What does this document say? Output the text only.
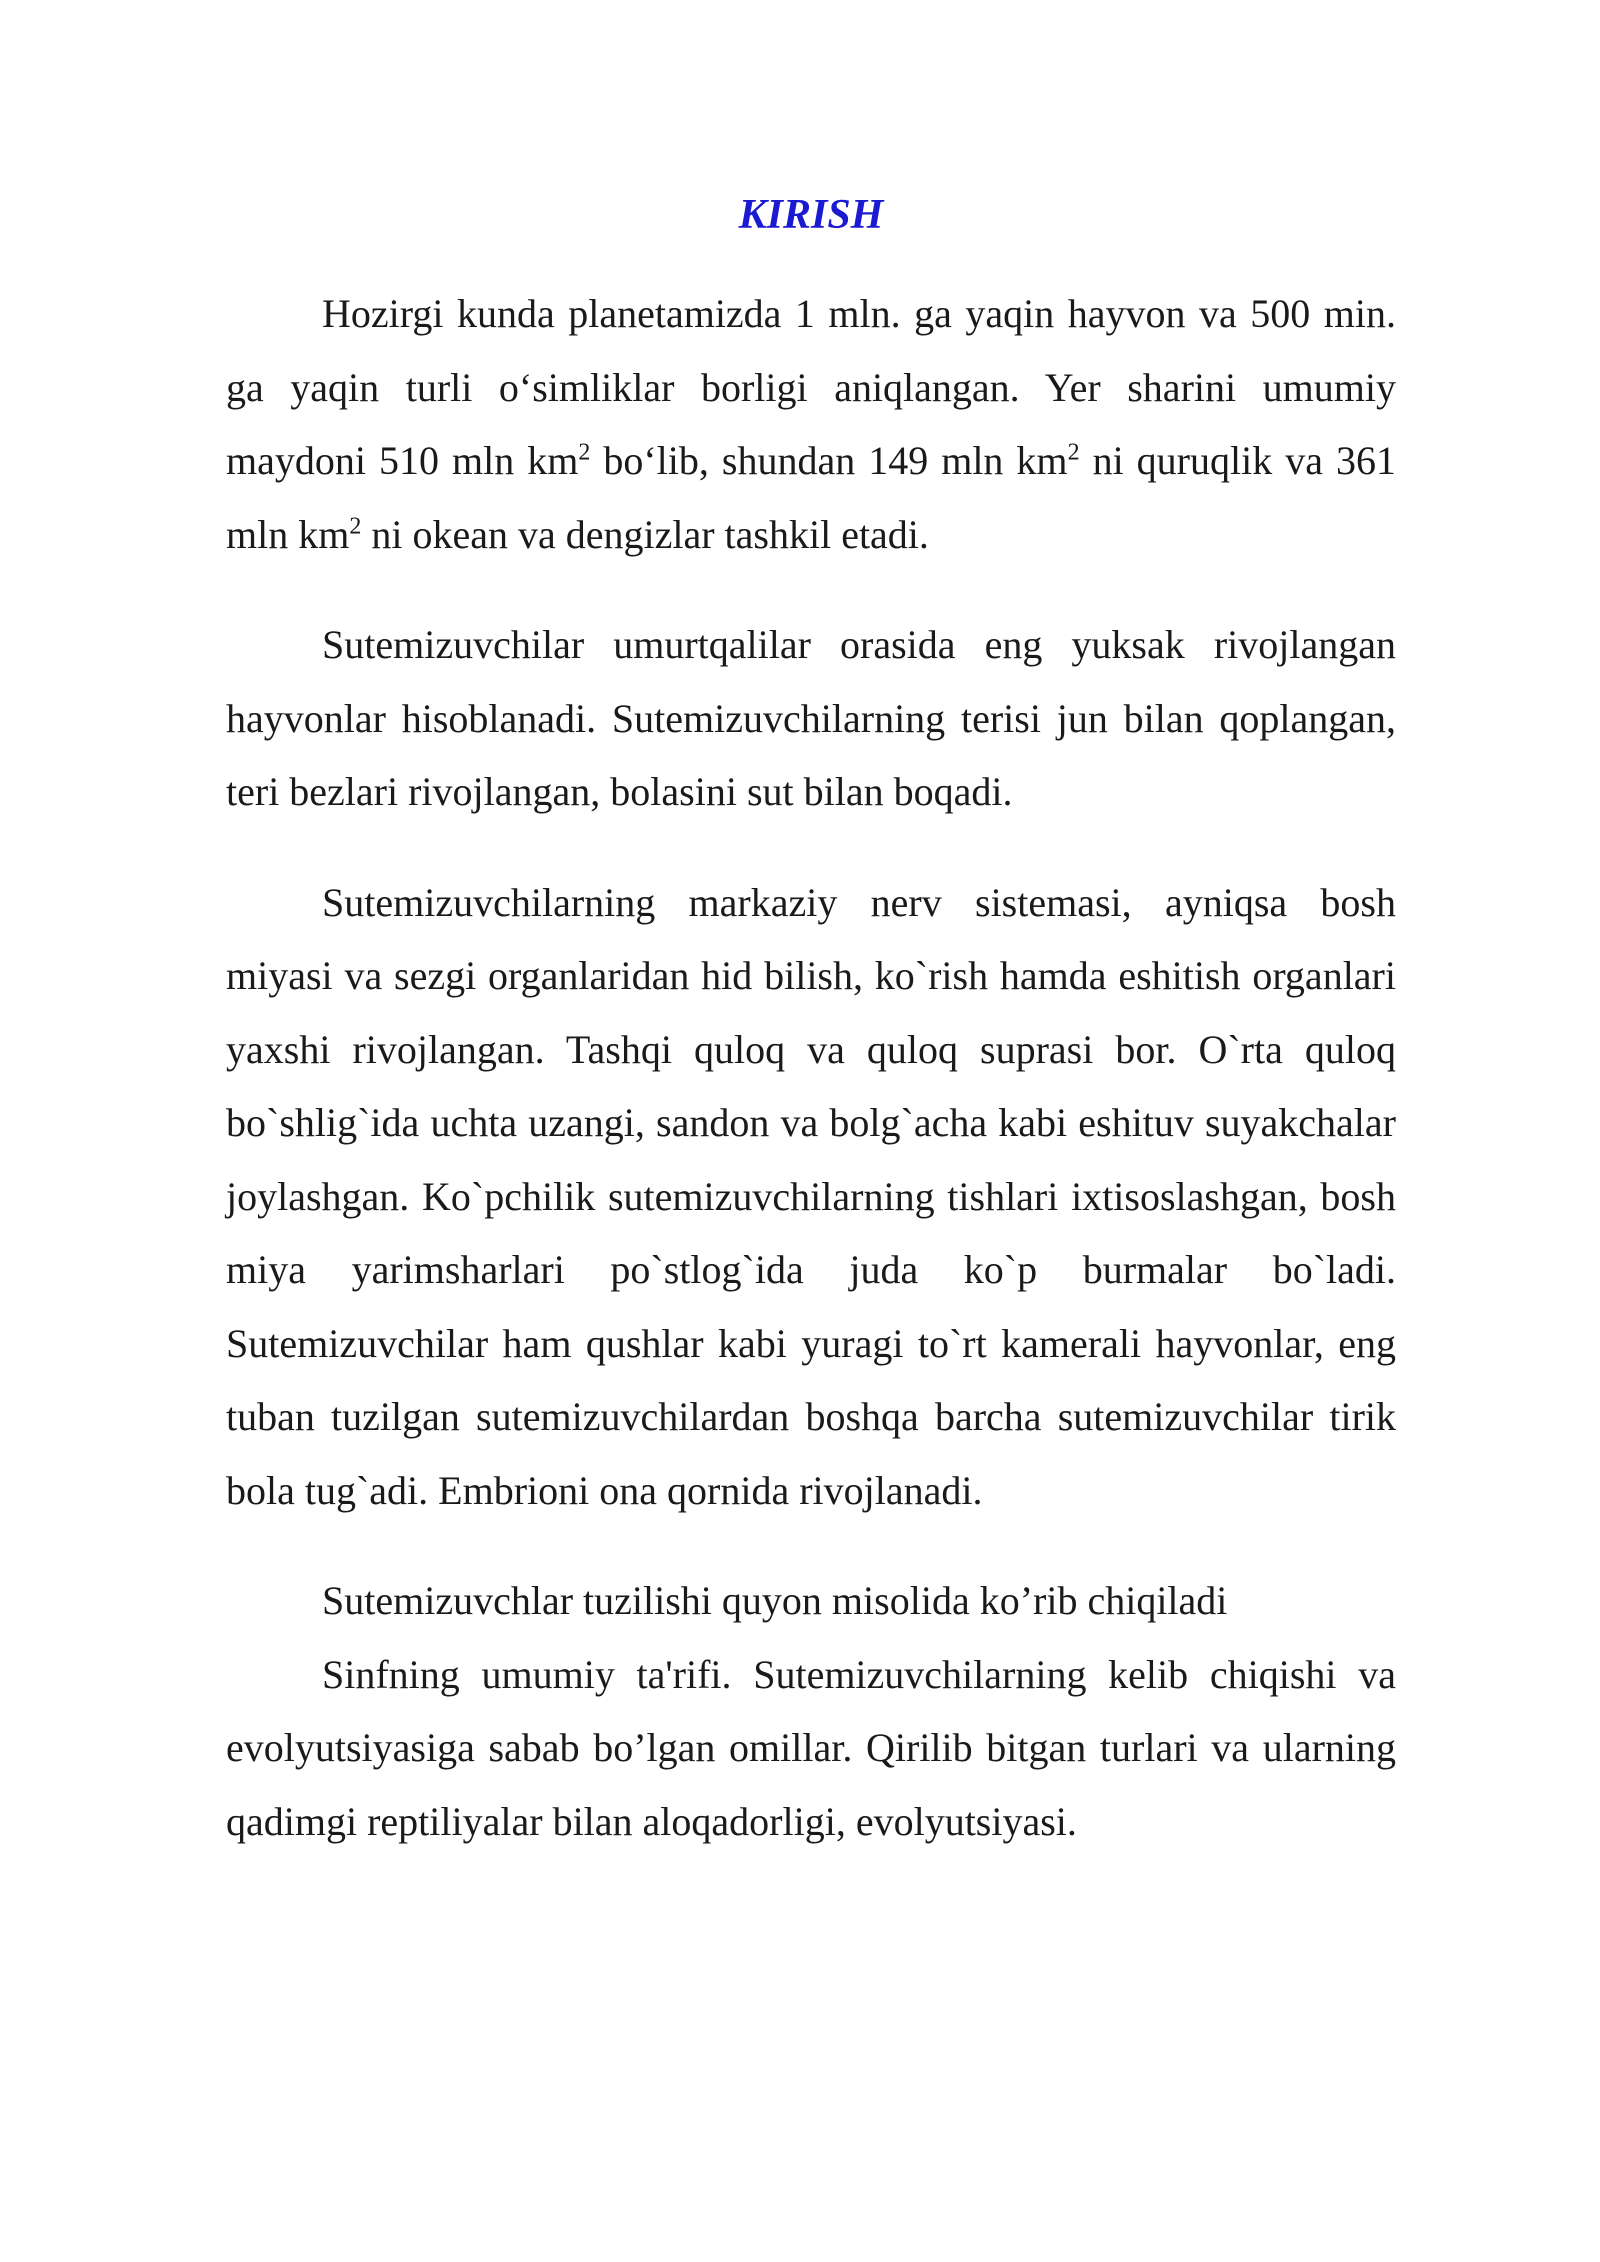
KIRISH

Hozirgi kunda planetamizda 1 mln. ga yaqin hayvon va 500 min. ga yaqin turli o‘simliklar borligi aniqlangan. Yer sharini umumiy maydoni 510 mln $km^2$ bo‘lib, shundan 149 mln $km^2$ ni quruqlik va 361 mln $km^2$ ni okean va dengizlar tashkil etadi.

Sutemizuvchilar umurtqalilar orasida eng yuksak rivojlangan hayvonlar hisoblanadi. Sutemizuvchilarning terisi jun bilan qoplangan, teri bezlari rivojlangan, bolasini sut bilan boqadi.

Sutemizuvchilarning markaziy nerv sistemasi, ayniqsa bosh miyasi va sezgi organlaridan hid bilish, ko`rish hamda eshitish organlari yaxshi rivojlangan. Tashqi quloq va quloq suprasi bor. O`rta quloq bo`shlig`ida uchta uzangi, sandon va bolg`acha kabi eshituv suyakchalar joylashgan. Ko`pchilik sutemizuvchilarning tishlari ixtisoslashgan, bosh miya yarimsharlari po`stlog`ida juda ko`p burmalar bo`ladi. Sutemizuvchilar ham qushlar kabi yuragi to`rt kamerali hayvonlar, eng tuban tuzilgan sutemizuvchilardan boshqa barcha sutemizuvchilar tirik bola tug`adi. Embrioni ona qornida rivojlanadi.

Sutemizuvchlar tuzilishi quyon misolida ko’rib chiqiladi

Sinfning umumiy ta'rifi. Sutemizuvchilarning kelib chiqishi va evolyutsiyasiga sabab bo’lgan omillar. Qirilib bitgan turlari va ularning qadimgi reptiliyalar bilan aloqadorligi, evolyutsiyasi.
